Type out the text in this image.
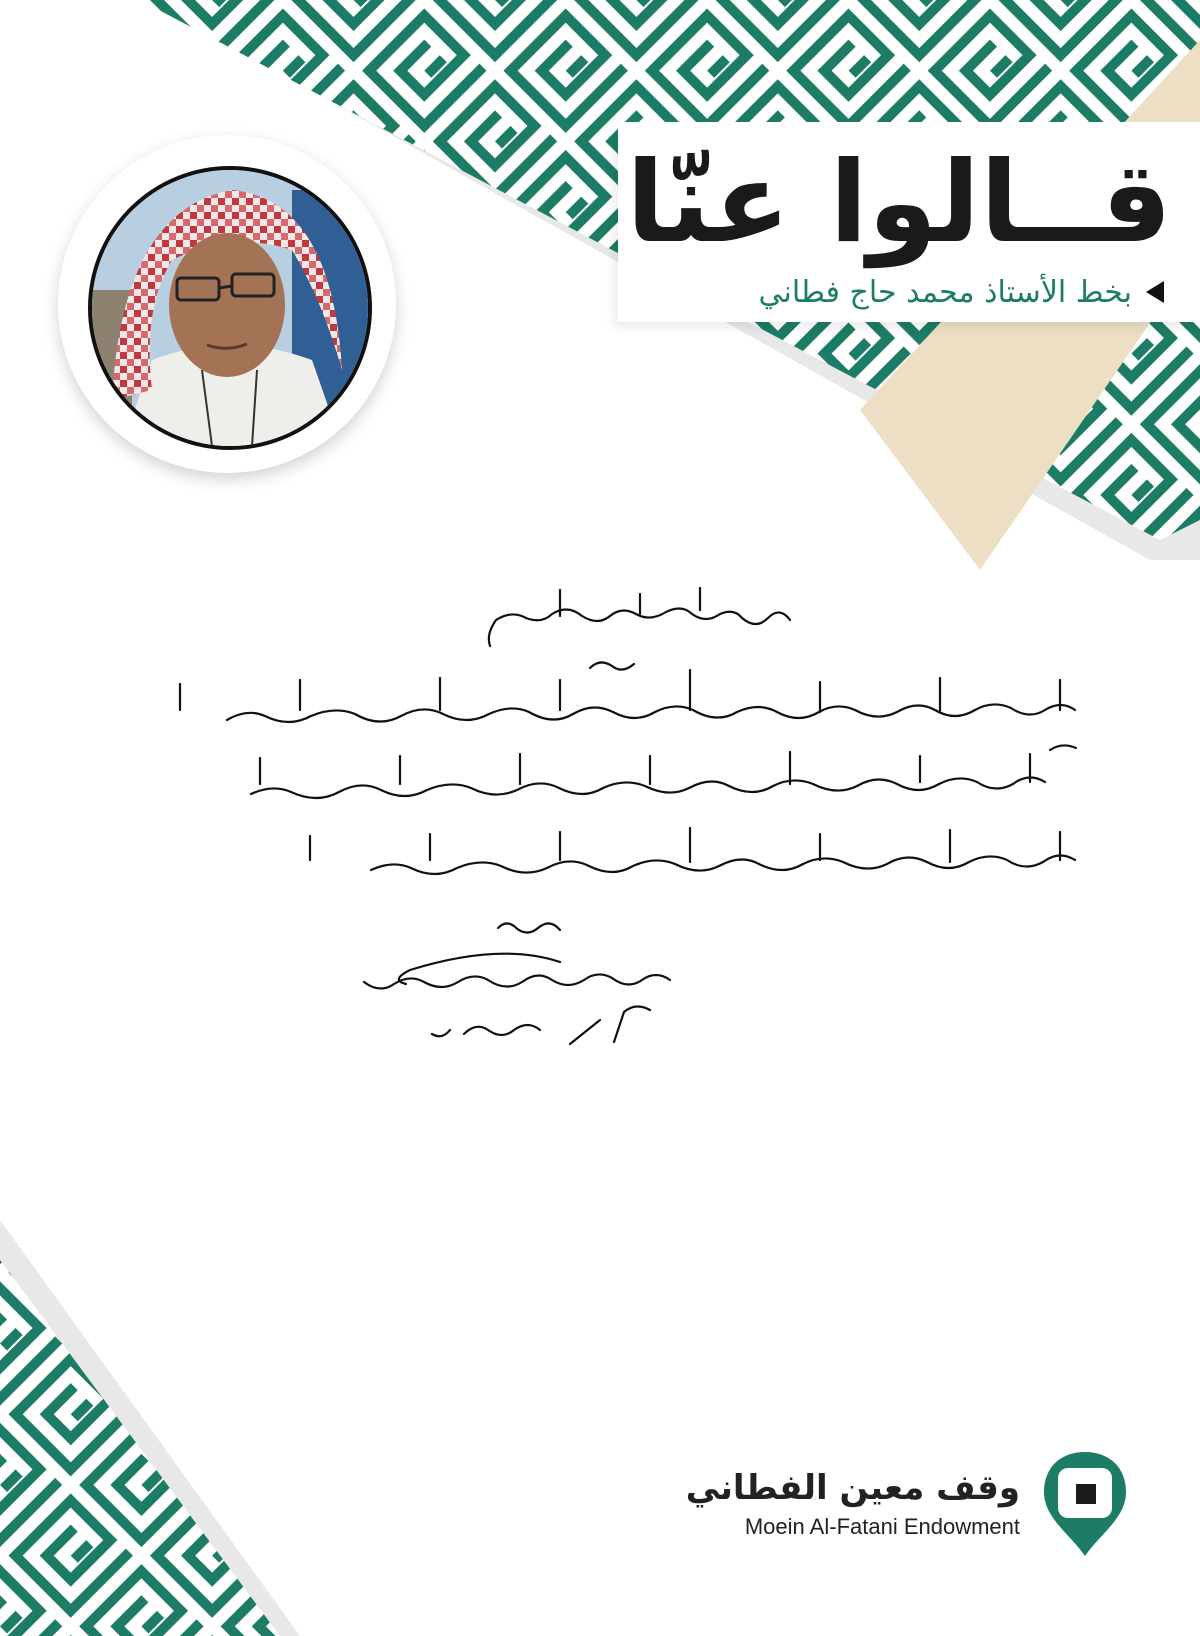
قــالوا عنّا
بخط الأستاذ محمد حاج فطاني

وقف معين الفطاني

Moein Al-Fatani Endowment
